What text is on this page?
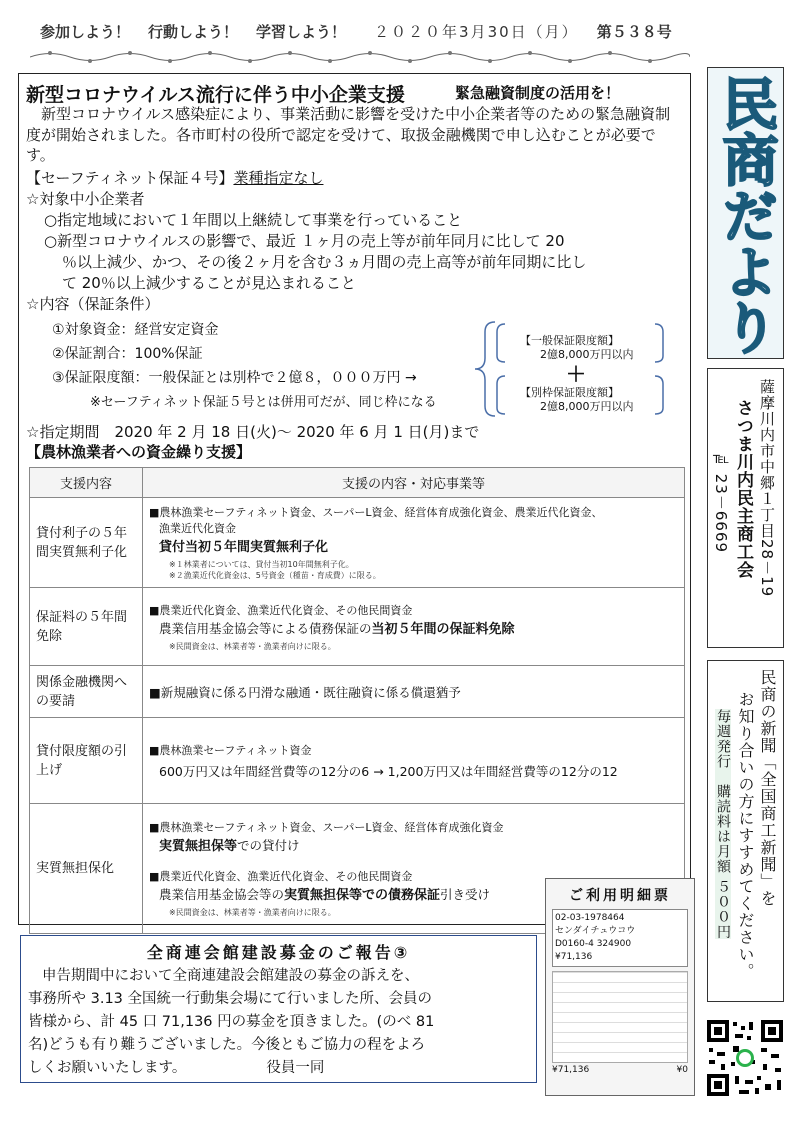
参加しよう！ 行動しよう！ 学習しよう！ ２０２０年3月30日（月） 第５３８号
新型コロナウイルス流行に伴う中小企業支援	緊急融資制度の活用を！
新型コロナウイルス感染症により、事業活動に影響を受けた中小企業者等のための緊急融資制度が開始されました。各市町村の役所で認定を受けて、取扱金融機関で申し込むことが必要です。
【セーフティネット保証４号】業種指定なし
☆対象中小企業者
○指定地域において１年間以上継続して事業を行っていること
○新型コロナウイルスの影響で、最近 １ヶ月の売上等が前年同月に比して 20
％以上減少、かつ、その後２ヶ月を含む３ヵ月間の売上高等が前年同期に比し
て 20％以上減少することが見込まれること
☆内容（保証条件）
①対象資金：経営安定資金
②保証割合：100%保証
③保証限度額：一般保証とは別枠で２億８，０００万円 →
※セーフティネット保証５号とは併用可だが、同じ枠になる
【一般保証限度額】
2億8,000万円以内
＋
【別枠保証限度額】
2億8,000万円以内
☆指定期間　2020 年 2 月 18 日(火)～ 2020 年 6 月 1 日(月)まで
【農林漁業者への資金繰り支援】
支援内容	支援の内容・対応事業等
貸付利子の５年間実質無利子化	■農林漁業セーフティネット資金、スーパーL資金、経営体育成強化資金、農業近代化資金、
漁業近代化資金
貸付当初５年間実質無利子化
※１林業者については、貸付当初10年間無利子化。
※２漁業近代化資金は、5号資金（種苗・育成費）に限る。

保証料の５年間免除	■農業近代化資金、漁業近代化資金、その他民間資金
農業信用基金協会等による債務保証の当初５年間の保証料免除
※民間資金は、林業者等・漁業者向けに限る。

関係金融機関への要請	■新規融資に係る円滑な融通・既往融資に係る償還猶予

貸付限度額の引上げ	■農林漁業セーフティネット資金
600万円又は年間経営費等の12分の6 → 1,200万円又は年間経営費等の12分の12

実質無担保化	■農林漁業セーフティネット資金、スーパーL資金、経営体育成強化資金
実質無担保等での貸付け
■農業近代化資金、漁業近代化資金、その他民間資金
農業信用基金協会等の実質無担保等での債務保証引き受け
※民間資金は、林業者等・漁業者向けに限る。
全商連会館建設募金のご報告③
申告期間中において全商連建設会館建設の募金の訴えを、
事務所や 3.13 全国統一行動集会場にて行いました所、会員の
皆様から、計 45 口 71,136 円の募金を頂きました。(のべ 81
名)どうも有り難うございました。今後ともご協力の程をよろ
しくお願いいたします。	役員一同
ご利用明細票
02-03-1978464
センダイチュウコウ
D0160-4 324900
¥71,136
¥71,136	¥0
民商だより
薩摩川内市中郷１丁目28－19
さつま川内民主商工会
℡ 23－6669
民商の新聞「全国商工新聞」を
お知り合いの方にすすめてください。
毎週発行　購読料は月額 ５００円
